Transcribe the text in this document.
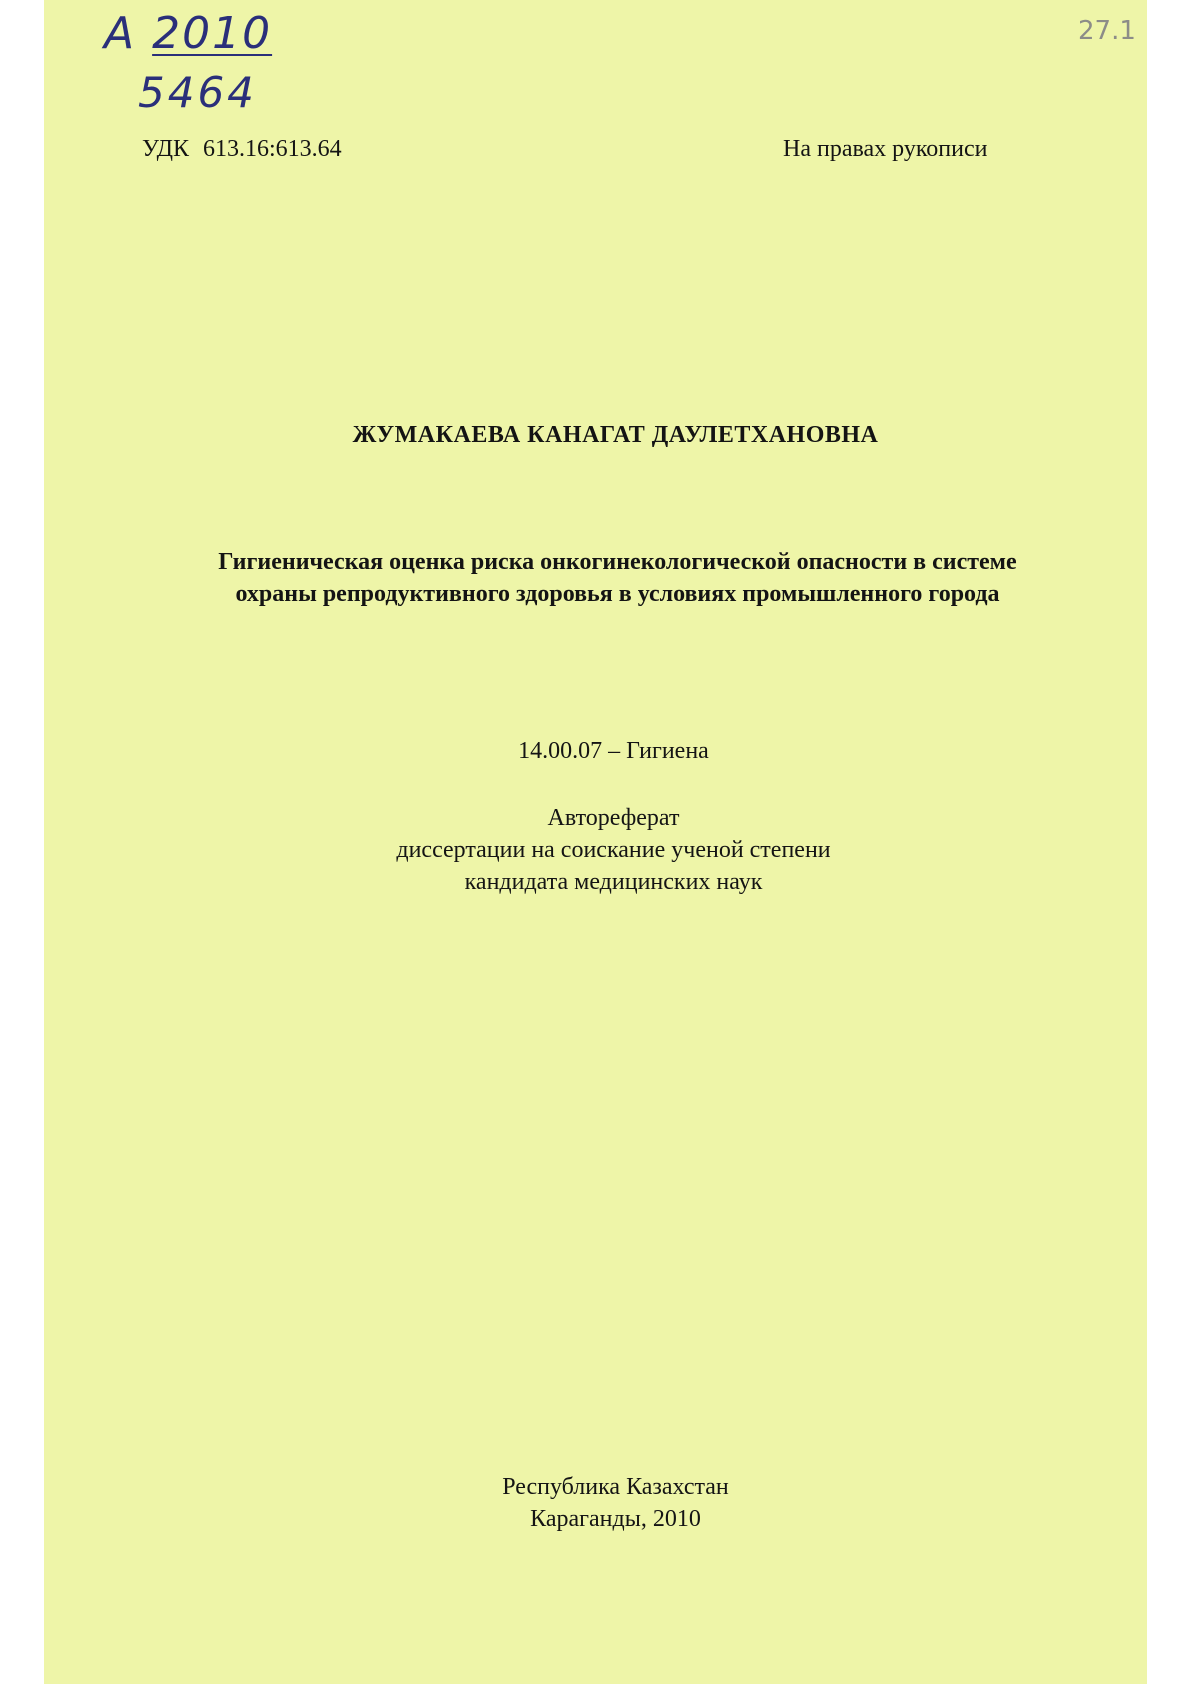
А 2010
5464
27.1
УДК 613.16:613.64	На правах рукописи
ЖУМАКАЕВА КАНАГАТ ДАУЛЕТХАНОВНА
Гигиеническая оценка риска онкогинекологической опасности в системе
охраны репродуктивного здоровья в условиях промышленного города
14.00.07 – Гигиена
Автореферат
диссертации на соискание ученой степени
кандидата медицинских наук
Республика Казахстан
Караганды, 2010
